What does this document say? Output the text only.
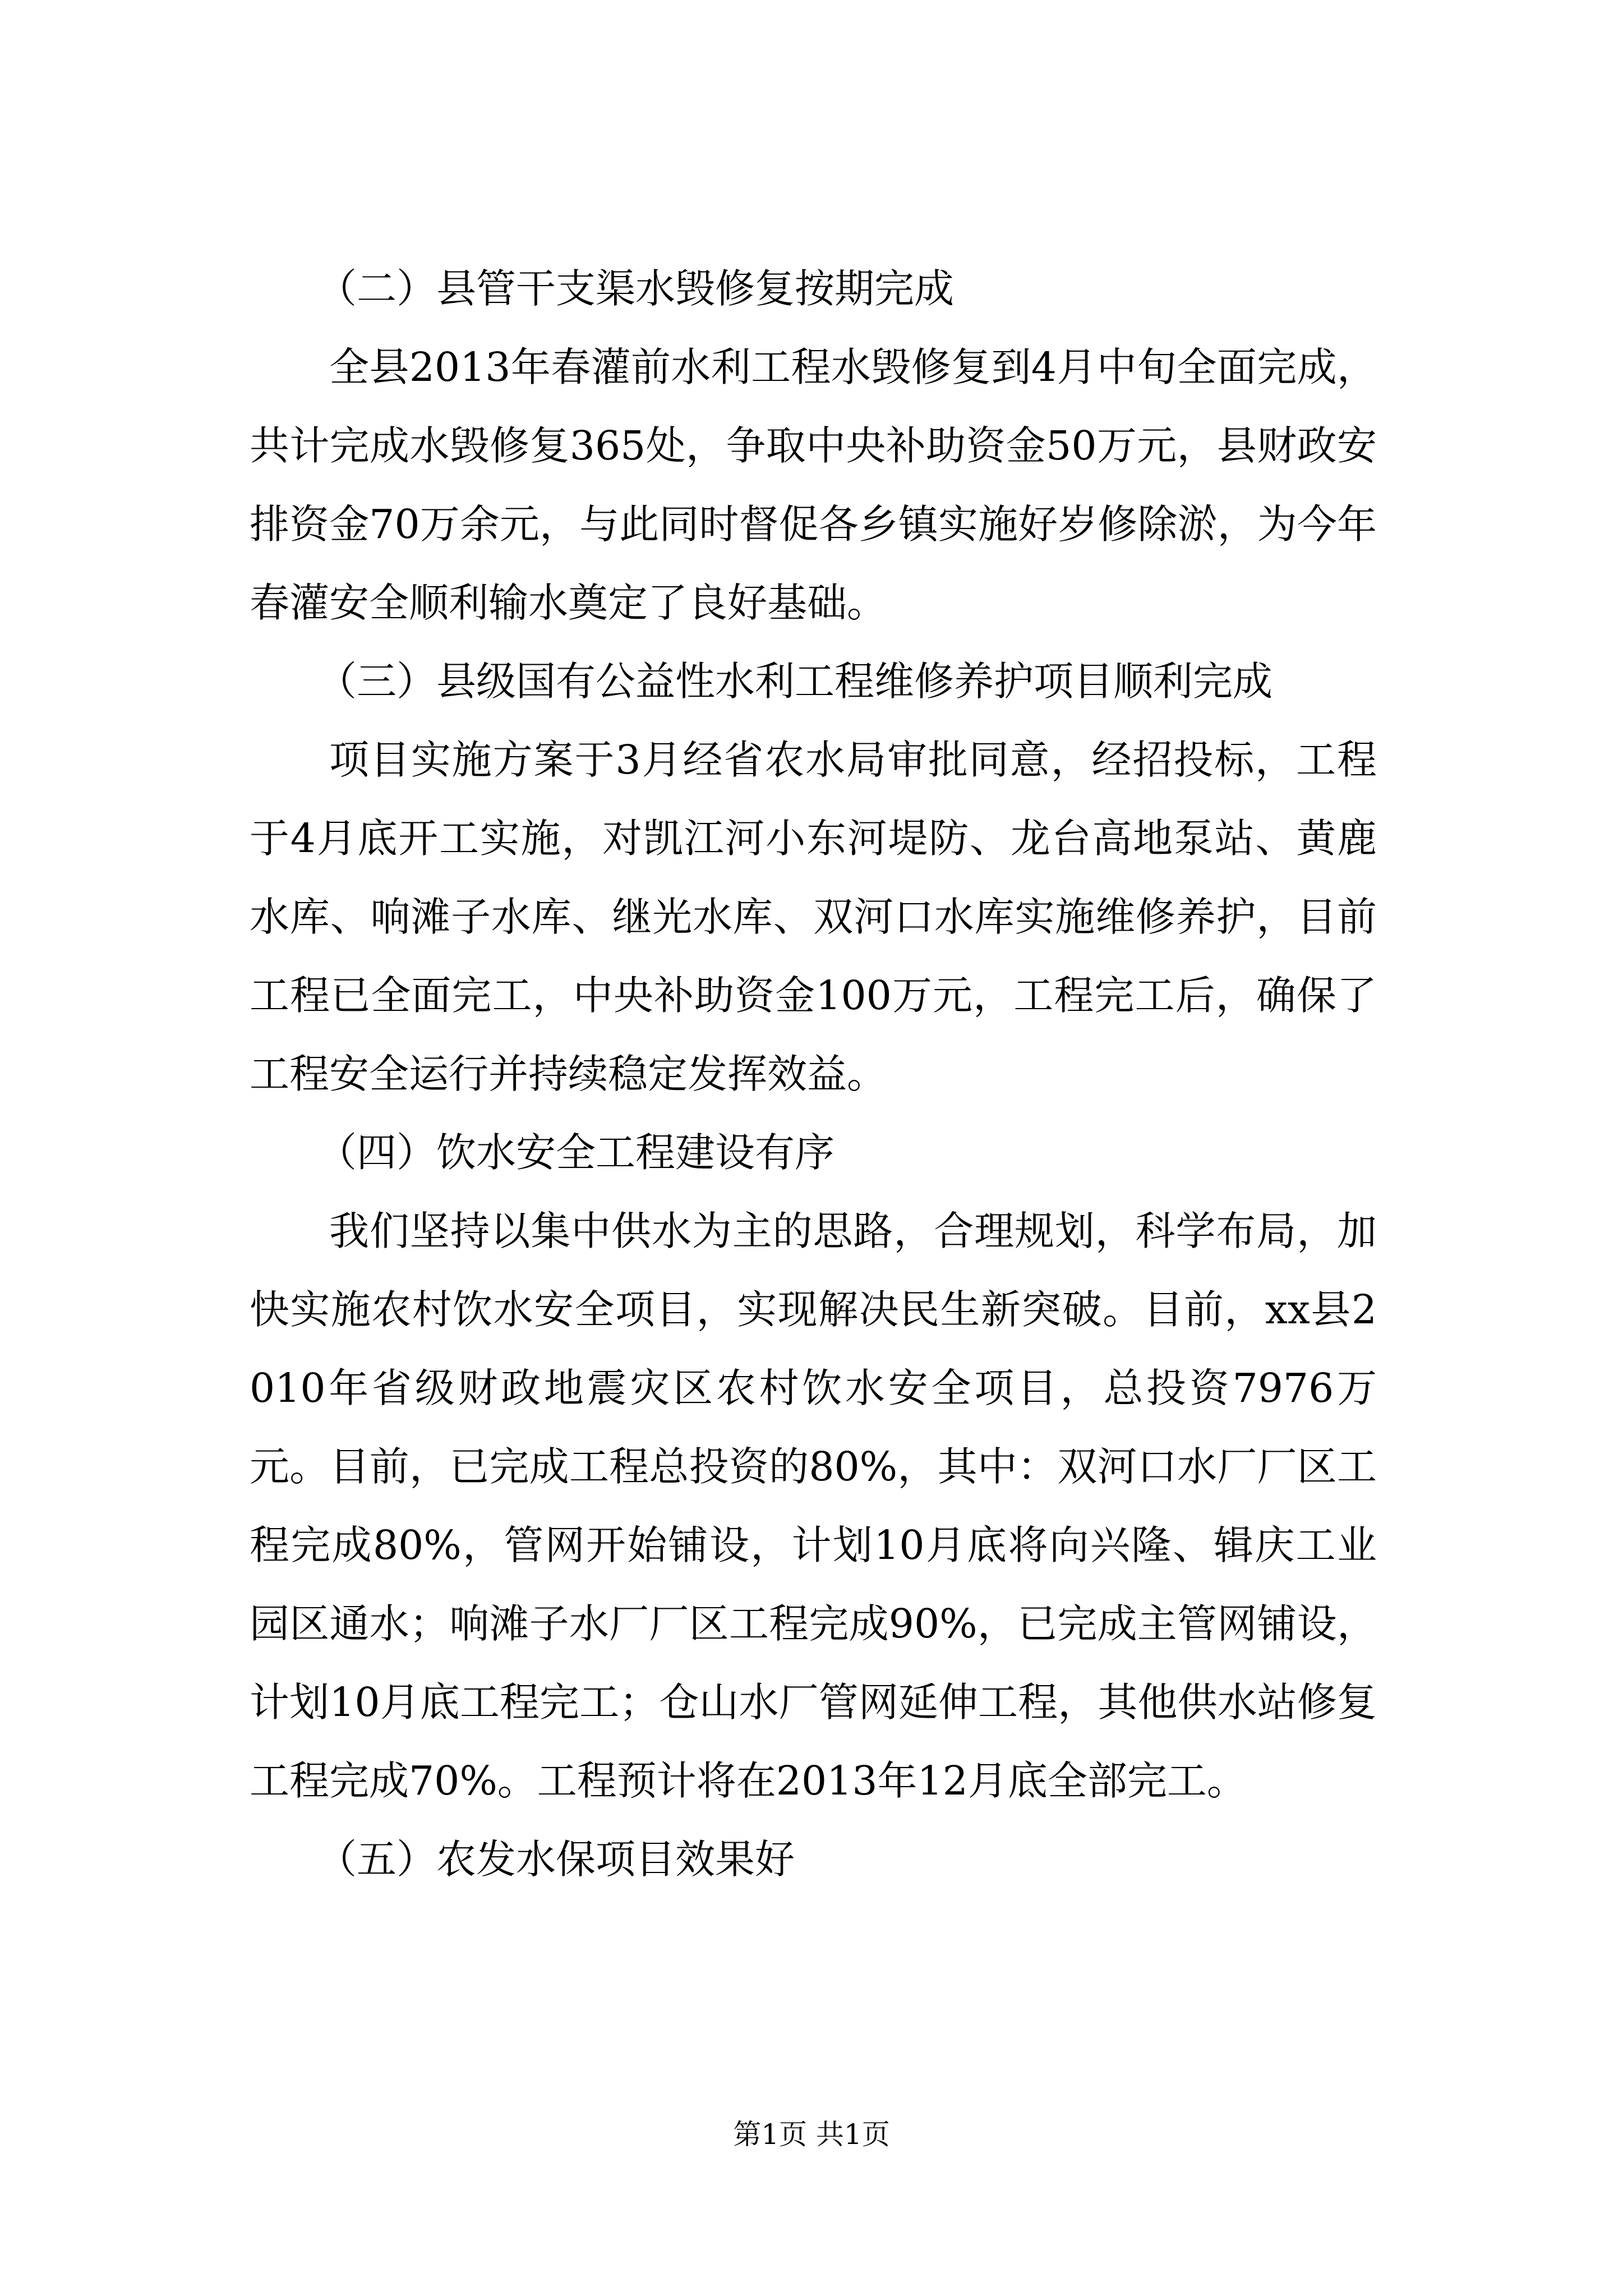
（二）县管干支渠水毁修复按期完成

全县2013年春灌前水利工程水毁修复到4月中旬全面完成，共计完成水毁修复365处，争取中央补助资金50万元，县财政安排资金70万余元，与此同时督促各乡镇实施好岁修除淤，为今年春灌安全顺利输水奠定了良好基础。

（三）县级国有公益性水利工程维修养护项目顺利完成

项目实施方案于3月经省农水局审批同意，经招投标，工程于4月底开工实施，对凯江河小东河堤防、龙台高地泵站、黄鹿水库、响滩子水库、继光水库、双河口水库实施维修养护，目前工程已全面完工，中央补助资金100万元，工程完工后，确保了工程安全运行并持续稳定发挥效益。

（四）饮水安全工程建设有序

我们坚持以集中供水为主的思路，合理规划，科学布局，加快实施农村饮水安全项目，实现解决民生新突破。目前，xx县2010年省级财政地震灾区农村饮水安全项目，总投资7976万元。目前，已完成工程总投资的80%，其中：双河口水厂厂区工程完成80%，管网开始铺设，计划10月底将向兴隆、辑庆工业园区通水；响滩子水厂厂区工程完成90%，已完成主管网铺设，计划10月底工程完工；仓山水厂管网延伸工程，其他供水站修复工程完成70%。工程预计将在2013年12月底全部完工。

（五）农发水保项目效果好

第1页 共1页
